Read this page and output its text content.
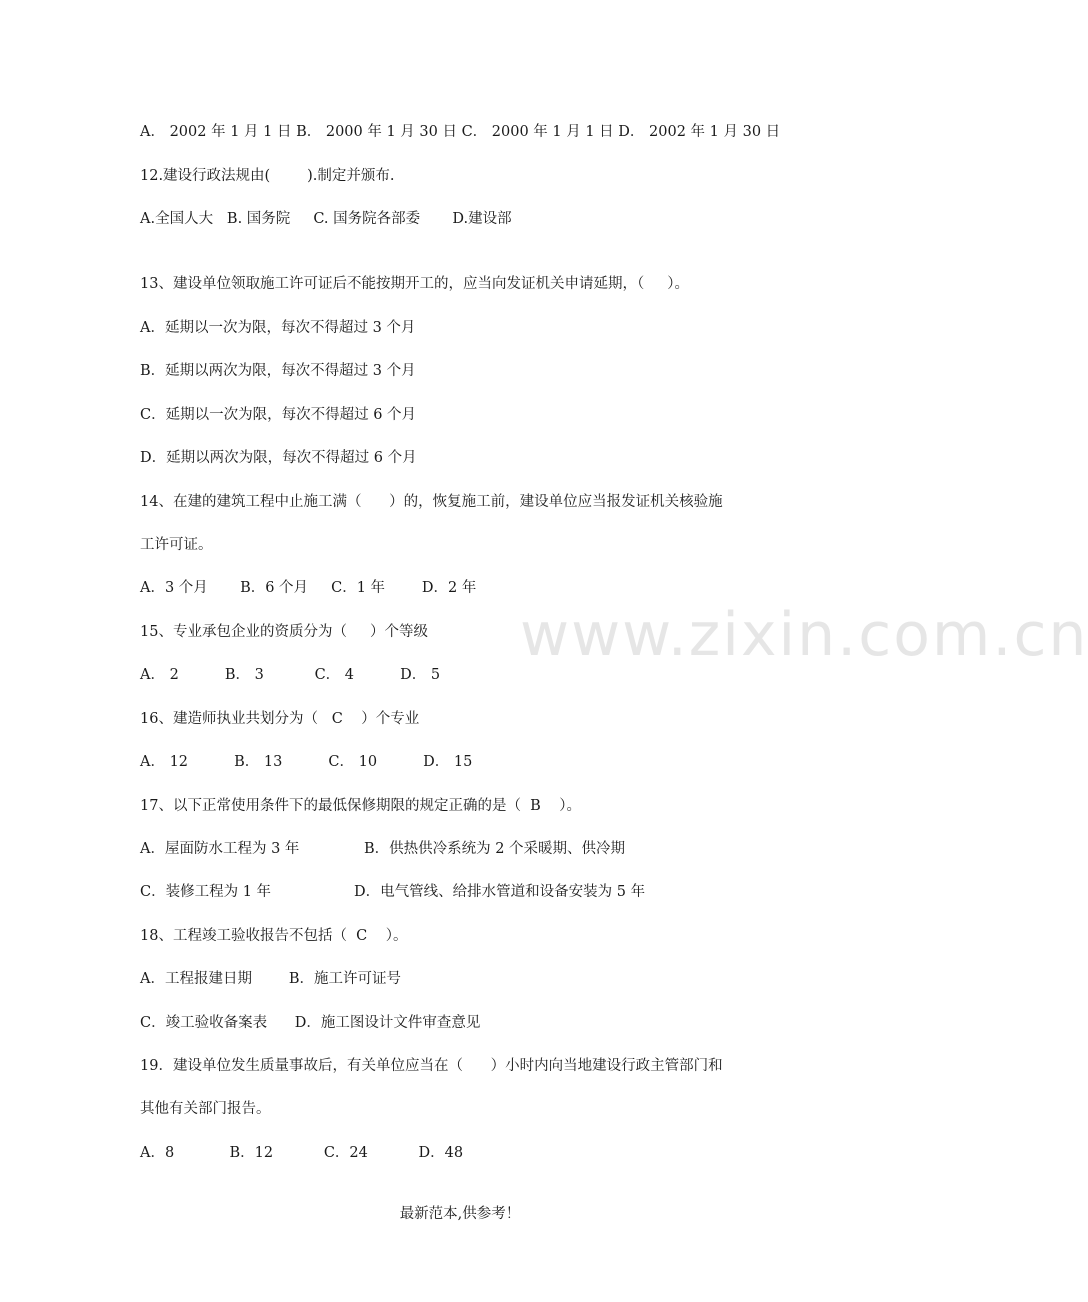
www.zixin.com.cn
A． 2002 年 1 月 1 日 B． 2000 年 1 月 30 日 C． 2000 年 1 月 1 日 D． 2002 年 1 月 30 日
12.建设行政法规由(        ).制定并颁布.
A.全国人大   B. 国务院     C. 国务院各部委       D.建设部
13、建设单位领取施工许可证后不能按期开工的，应当向发证机关申请延期，（     ）。
A．延期以一次为限，每次不得超过 3 个月
B．延期以两次为限，每次不得超过 3 个月
C．延期以一次为限，每次不得超过 6 个月
D．延期以两次为限，每次不得超过 6 个月
14、在建的建筑工程中止施工满（      ）的，恢复施工前，建设单位应当报发证机关核验施
工许可证。
A．3 个月       B．6 个月     C．1 年        D．2 年
15、专业承包企业的资质分为（     ）个等级
A． 2          B． 3           C． 4          D． 5
16、建造师执业共划分为（   C    ）个专业
A． 12          B． 13          C． 10          D． 15
17、以下正常使用条件下的最低保修期限的规定正确的是（  B    ）。
A．屋面防水工程为 3 年              B．供热供冷系统为 2 个采暖期、供冷期
C．装修工程为 1 年                  D．电气管线、给排水管道和设备安装为 5 年
18、工程竣工验收报告不包括（  C    ）。
A．工程报建日期        B．施工许可证号
C．竣工验收备案表      D．施工图设计文件审查意见
19．建设单位发生质量事故后，有关单位应当在（      ）小时内向当地建设行政主管部门和
其他有关部门报告。
A．8            B．12           C．24           D．48
最新范本,供参考！
